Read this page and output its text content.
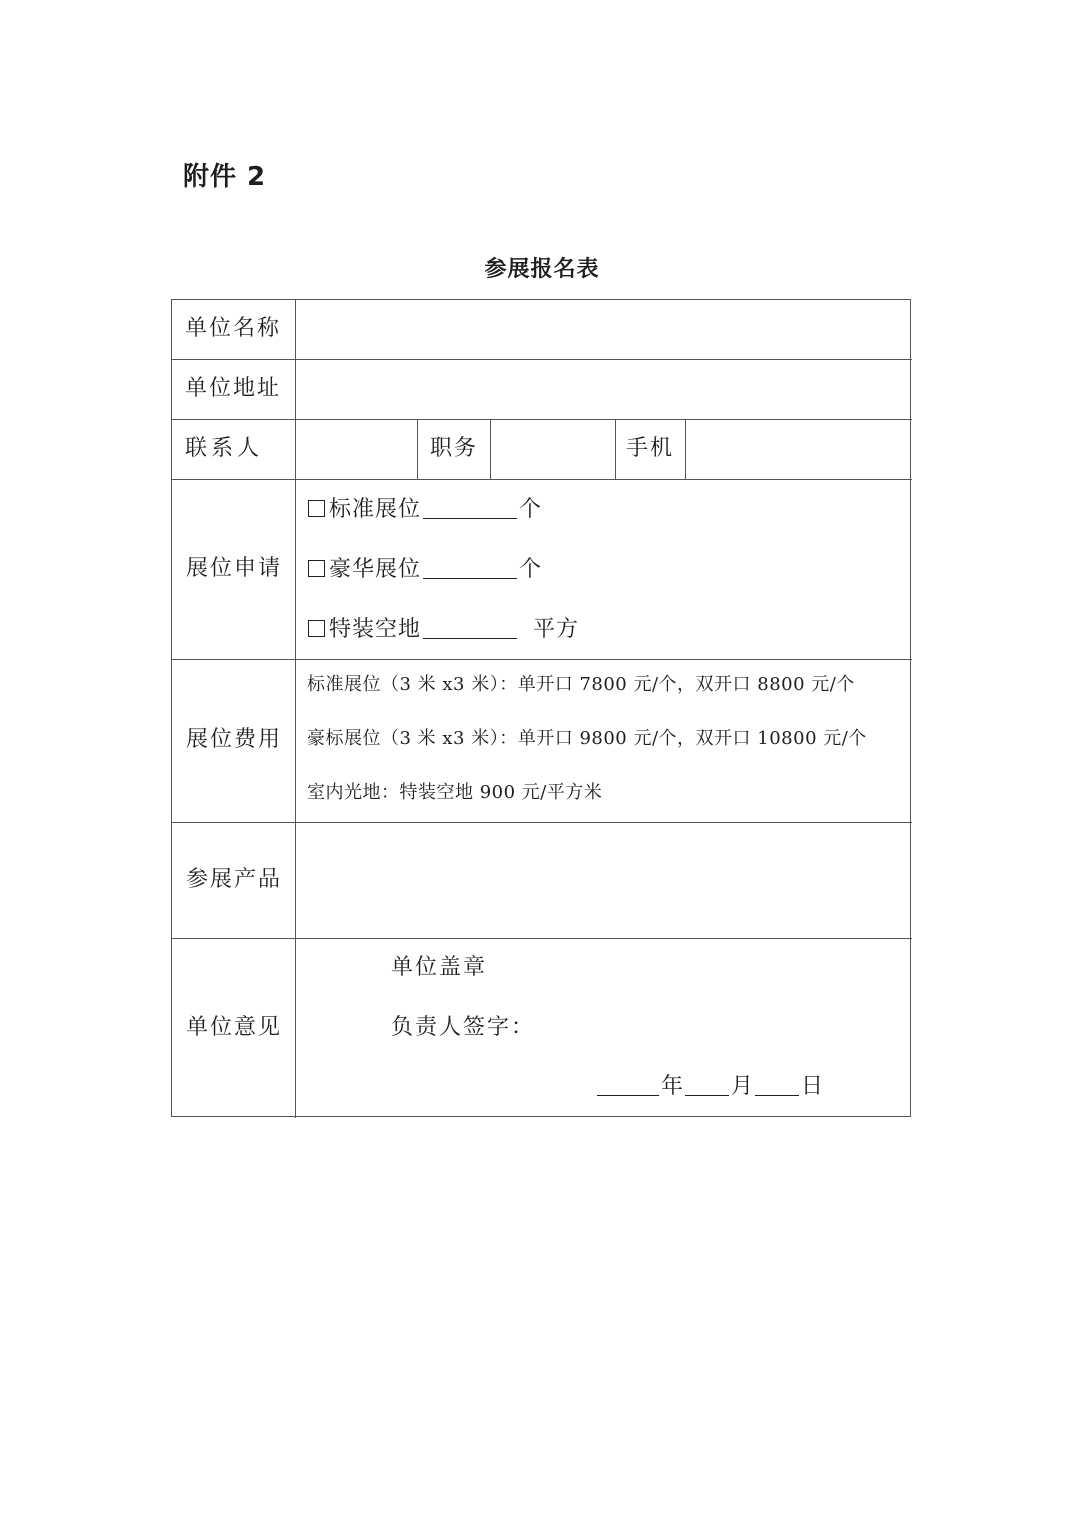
附件 2
参展报名表
单位名称
单位地址
联系人	职务	手机
展位申请
标准展位	个
豪华展位	个
特装空地	平方
展位费用
标准展位（3 米 x3 米）：单开口 7800 元/个，双开口 8800 元/个
豪标展位（3 米 x3 米）：单开口 9800 元/个，双开口 10800 元/个
室内光地：特装空地 900 元/平方米
参展产品
单位意见
单位盖章
负责人签字：
年 月 日
